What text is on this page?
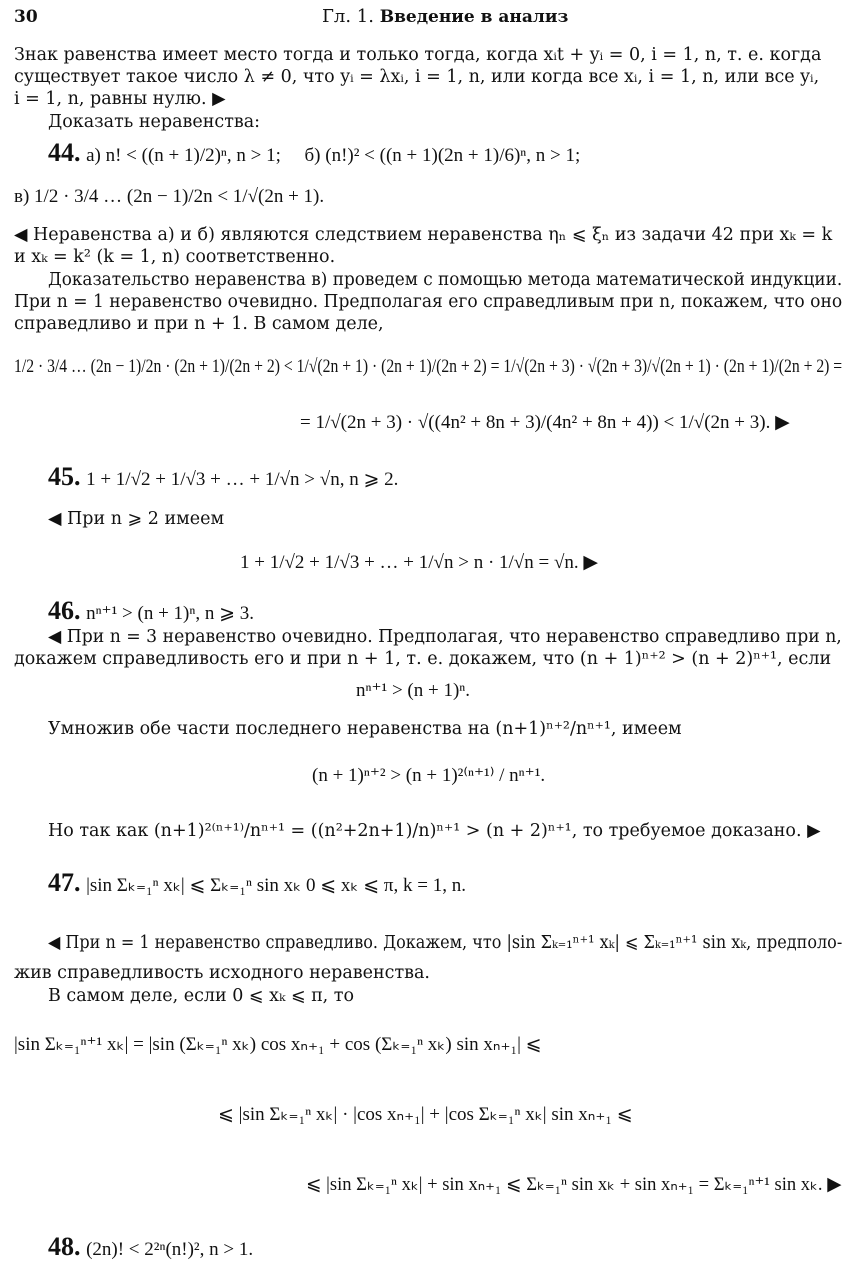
30	Гл. 1. Введение в анализ
Знак равенства имеет место тогда и только тогда, когда xᵢt + yᵢ = 0, i = 1, n, т. е. когда
существует такое число λ ≠ 0, что yᵢ = λxᵢ, i = 1, n, или когда все xᵢ, i = 1, n, или все yᵢ,
i = 1, n, равны нулю. ▶
Доказать неравенства:
44. а) n! < ((n + 1)/2)ⁿ, n > 1; б) (n!)² < ((n + 1)(2n + 1)/6)ⁿ, n > 1;
в) 1/2 · 3/4 … (2n − 1)/2n < 1/√(2n + 1).
◀ Неравенства а) и б) являются следствием неравенства ηₙ ⩽ ξₙ из задачи 42 при xₖ = k
и xₖ = k² (k = 1, n) соответственно.
Доказательство неравенства в) проведем с помощью метода математической индукции.
При n = 1 неравенство очевидно. Предполагая его справедливым при n, покажем, что оно
справедливо и при n + 1. В самом деле,
1/2 · 3/4 … (2n − 1)/2n · (2n + 1)/(2n + 2) < 1/√(2n + 1) · (2n + 1)/(2n + 2) = 1/√(2n + 3) · √(2n + 3)/√(2n + 1) · (2n + 1)/(2n + 2) =
= 1/√(2n + 3) · √((4n² + 8n + 3)/(4n² + 8n + 4)) < 1/√(2n + 3). ▶
45. 1 + 1/√2 + 1/√3 + … + 1/√n > √n, n ⩾ 2.
◀ При n ⩾ 2 имеем
1 + 1/√2 + 1/√3 + … + 1/√n > n · 1/√n = √n. ▶
46. nⁿ⁺¹ > (n + 1)ⁿ, n ⩾ 3.
◀ При n = 3 неравенство очевидно. Предполагая, что неравенство справедливо при n,
докажем справедливость его и при n + 1, т. е. докажем, что (n + 1)ⁿ⁺² > (n + 2)ⁿ⁺¹, если
nⁿ⁺¹ > (n + 1)ⁿ.
Умножив обе части последнего неравенства на (n+1)ⁿ⁺²/nⁿ⁺¹, имеем
(n + 1)ⁿ⁺² > (n + 1)²⁽ⁿ⁺¹⁾ / nⁿ⁺¹.
Но так как (n+1)²⁽ⁿ⁺¹⁾/nⁿ⁺¹ = ((n²+2n+1)/n)ⁿ⁺¹ > (n + 2)ⁿ⁺¹, то требуемое доказано. ▶
47. |sin Σₖ₌₁ⁿ xₖ| ⩽ Σₖ₌₁ⁿ sin xₖ 0 ⩽ xₖ ⩽ π, k = 1, n.
◀ При n = 1 неравенство справедливо. Докажем, что |sin Σₖ₌₁ⁿ⁺¹ xₖ| ⩽ Σₖ₌₁ⁿ⁺¹ sin xₖ, предполо-
жив справедливость исходного неравенства.
В самом деле, если 0 ⩽ xₖ ⩽ π, то
|sin Σₖ₌₁ⁿ⁺¹ xₖ| = |sin (Σₖ₌₁ⁿ xₖ) cos xₙ₊₁ + cos (Σₖ₌₁ⁿ xₖ) sin xₙ₊₁| ⩽
⩽ |sin Σₖ₌₁ⁿ xₖ| · |cos xₙ₊₁| + |cos Σₖ₌₁ⁿ xₖ| sin xₙ₊₁ ⩽
⩽ |sin Σₖ₌₁ⁿ xₖ| + sin xₙ₊₁ ⩽ Σₖ₌₁ⁿ sin xₖ + sin xₙ₊₁ = Σₖ₌₁ⁿ⁺¹ sin xₖ. ▶
48. (2n)! < 2²ⁿ(n!)², n > 1.
